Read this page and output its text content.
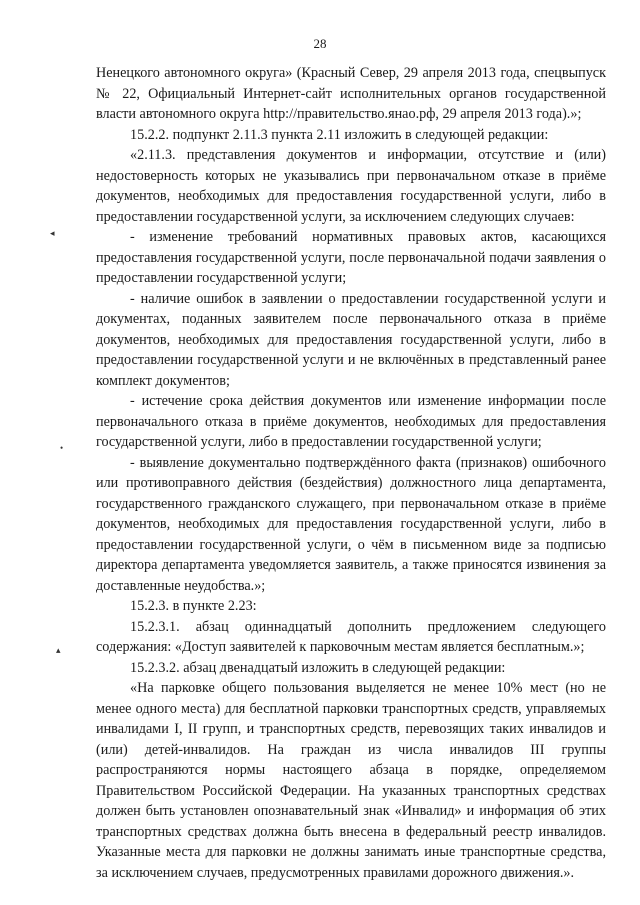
28
◂
•
▴

Ненецкого автономного округа» (Красный Север, 29 апреля 2013 года, спецвыпуск № 22, Официальный Интернет-сайт исполнительных органов государственной власти автономного округа http://правительство.янао.рф, 29 апреля 2013 года).»;

15.2.2. подпункт 2.11.3 пункта 2.11 изложить в следующей редакции:

«2.11.3. представления документов и информации, отсутствие и (или) недостоверность которых не указывались при первоначальном отказе в приёме документов, необходимых для предоставления государственной услуги, либо в предоставлении государственной услуги, за исключением следующих случаев:

- изменение требований нормативных правовых актов, касающихся предоставления государственной услуги, после первоначальной подачи заявления о предоставлении государственной услуги;

- наличие ошибок в заявлении о предоставлении государственной услуги и документах, поданных заявителем после первоначального отказа в приёме документов, необходимых для предоставления государственной услуги, либо в предоставлении государственной услуги и не включённых в представленный ранее комплект документов;

- истечение срока действия документов или изменение информации после первоначального отказа в приёме документов, необходимых для предоставления государственной услуги, либо в предоставлении государственной услуги;

- выявление документально подтверждённого факта (признаков) ошибочного или противоправного действия (бездействия) должностного лица департамента, государственного гражданского служащего, при первоначальном отказе в приёме документов, необходимых для предоставления государственной услуги, либо в предоставлении государственной услуги, о чём в письменном виде за подписью директора департамента уведомляется заявитель, а также приносятся извинения за доставленные неудобства.»;

15.2.3. в пункте 2.23:

15.2.3.1. абзац одиннадцатый дополнить предложением следующего содержания: «Доступ заявителей к парковочным местам является бесплатным.»;

15.2.3.2. абзац двенадцатый изложить в следующей редакции:

«На парковке общего пользования выделяется не менее 10% мест (но не менее одного места) для бесплатной парковки транспортных средств, управляемых инвалидами I, II групп, и транспортных средств, перевозящих таких инвалидов и (или) детей-инвалидов. На граждан из числа инвалидов III группы распространяются нормы настоящего абзаца в порядке, определяемом Правительством Российской Федерации. На указанных транспортных средствах должен быть установлен опознавательный знак «Инвалид» и информация об этих транспортных средствах должна быть внесена в федеральный реестр инвалидов. Указанные места для парковки не должны занимать иные транспортные средства, за исключением случаев, предусмотренных правилами дорожного движения.».
